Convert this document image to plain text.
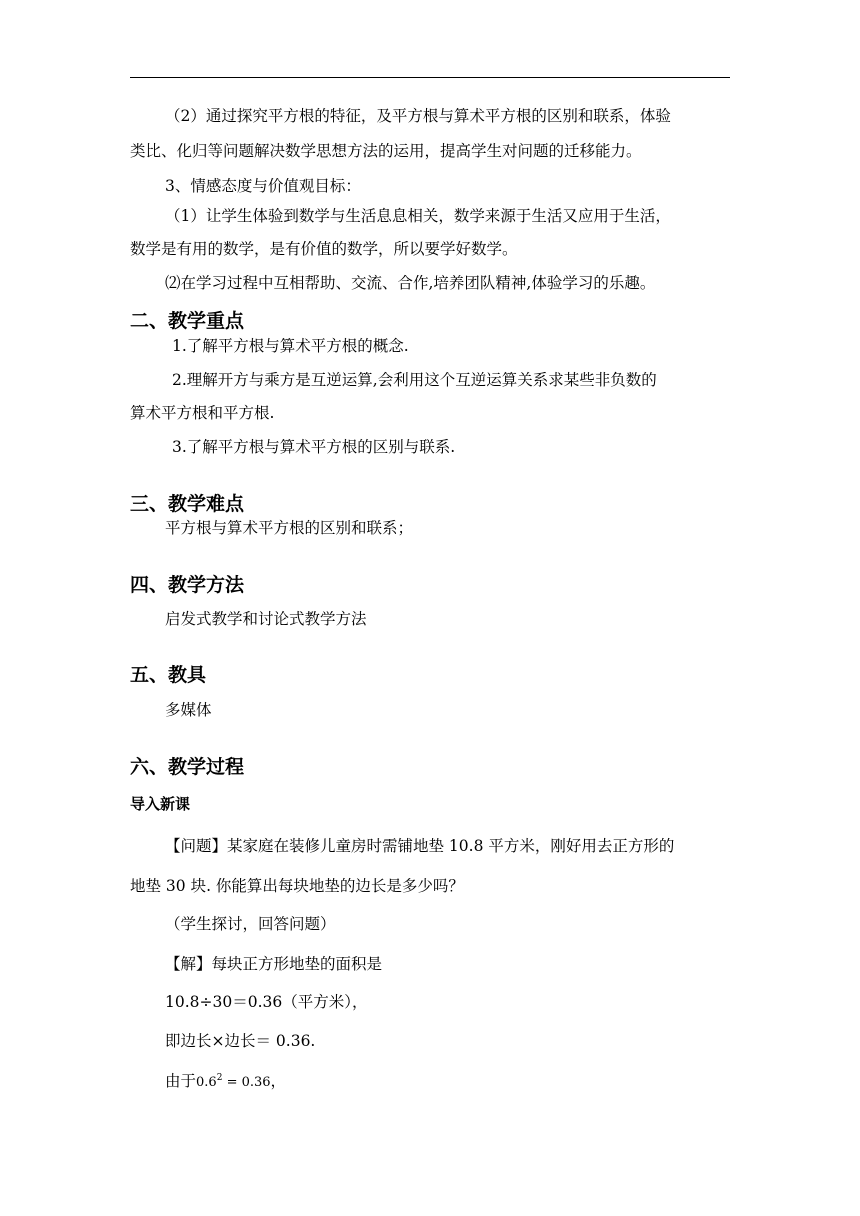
（2）通过探究平方根的特征，及平方根与算术平方根的区别和联系，体验
类比、化归等问题解决数学思想方法的运用，提高学生对问题的迁移能力。
3、情感态度与价值观目标：
（1）让学生体验到数学与生活息息相关，数学来源于生活又应用于生活，
数学是有用的数学，是有价值的数学，所以要学好数学。
⑵在学习过程中互相帮助、交流、合作,培养团队精神,体验学习的乐趣。
二、教学重点
1.了解平方根与算术平方根的概念.
2.理解开方与乘方是互逆运算,会利用这个互逆运算关系求某些非负数的
算术平方根和平方根.
3.了解平方根与算术平方根的区别与联系.
三、教学难点
平方根与算术平方根的区别和联系；
四、教学方法
启发式教学和讨论式教学方法
五、教具
多媒体
六、教学过程
导入新课
【问题】某家庭在装修儿童房时需铺地垫 10.8 平方米，刚好用去正方形的
地垫 30 块. 你能算出每块地垫的边长是多少吗？
（学生探讨，回答问题）
【解】每块正方形地垫的面积是
10.8÷30＝0.36（平方米），
即边长×边长＝ 0.36.
由于$0.6^2 = 0.36$，
